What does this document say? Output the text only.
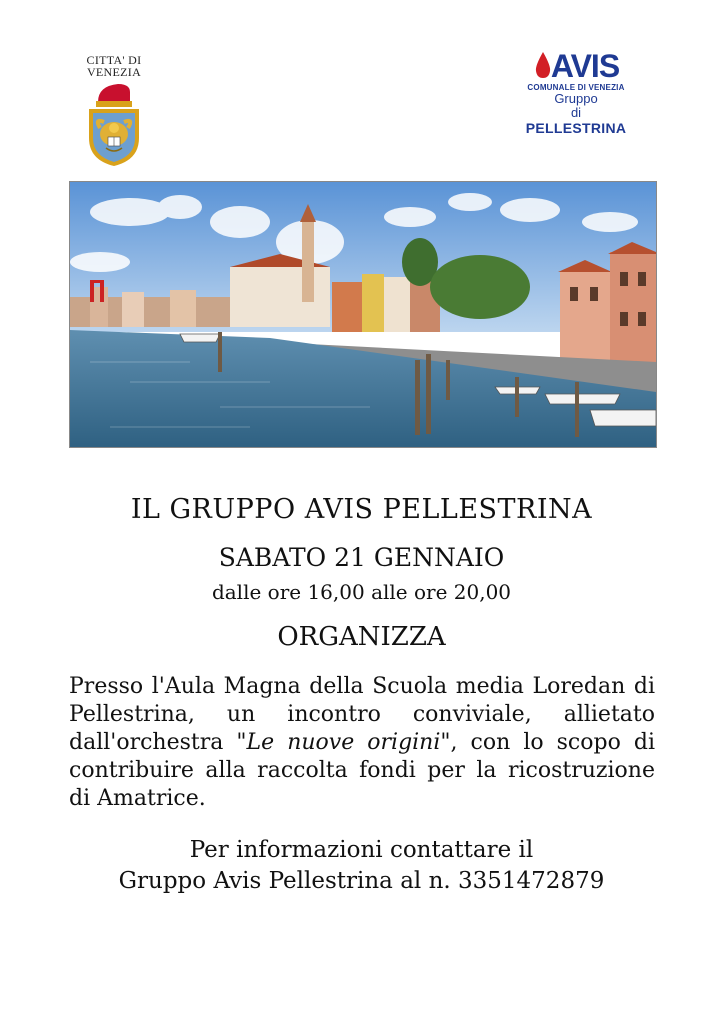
CITTA' DI
VENEZIA	AVIS
COMUNALE DI VENEZIA
Gruppo
di
PELLESTRINA
IL GRUPPO AVIS PELLESTRINA
SABATO 21 GENNAIO
dalle ore 16,00 alle ore 20,00
ORGANIZZA
Presso l'Aula Magna della Scuola media Loredan di Pellestrina, un incontro conviviale, allietato dall'orchestra "Le nuove origini", con lo scopo di contribuire alla raccolta fondi per la ricostruzione di Amatrice.
Per informazioni contattare il
Gruppo Avis Pellestrina al n. 3351472879
